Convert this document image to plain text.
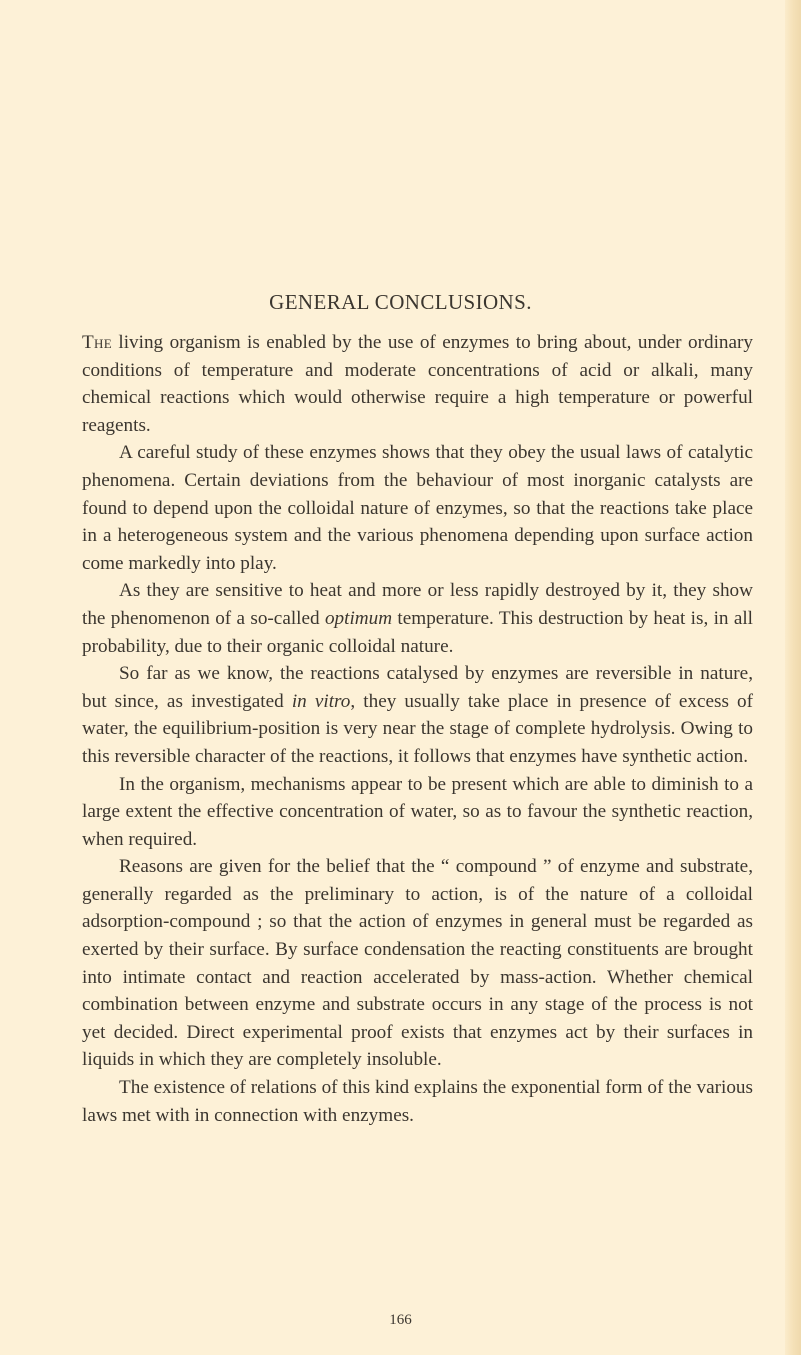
GENERAL CONCLUSIONS.

The living organism is enabled by the use of enzymes to bring about, under ordinary conditions of temperature and moderate concentrations of acid or alkali, many chemical reactions which would otherwise require a high temperature or powerful reagents.

A careful study of these enzymes shows that they obey the usual laws of catalytic phenomena. Certain deviations from the behaviour of most inorganic catalysts are found to depend upon the colloidal nature of enzymes, so that the reactions take place in a heterogeneous system and the various phenomena depending upon surface action come markedly into play.

As they are sensitive to heat and more or less rapidly destroyed by it, they show the phenomenon of a so-called optimum temperature. This destruction by heat is, in all probability, due to their organic colloidal nature.

So far as we know, the reactions catalysed by enzymes are reversible in nature, but since, as investigated in vitro, they usually take place in presence of excess of water, the equilibrium-position is very near the stage of complete hydrolysis. Owing to this reversible character of the reactions, it follows that enzymes have synthetic action.

In the organism, mechanisms appear to be present which are able to diminish to a large extent the effective concentration of water, so as to favour the synthetic reaction, when required.

Reasons are given for the belief that the “ compound ” of enzyme and substrate, generally regarded as the preliminary to action, is of the nature of a colloidal adsorption-compound ; so that the action of enzymes in general must be regarded as exerted by their surface. By surface condensation the reacting constituents are brought into intimate contact and reaction accelerated by mass-action. Whether chemical combination between enzyme and substrate occurs in any stage of the process is not yet decided. Direct experimental proof exists that enzymes act by their surfaces in liquids in which they are completely insoluble.

The existence of relations of this kind explains the exponential form of the various laws met with in connection with enzymes.

166
